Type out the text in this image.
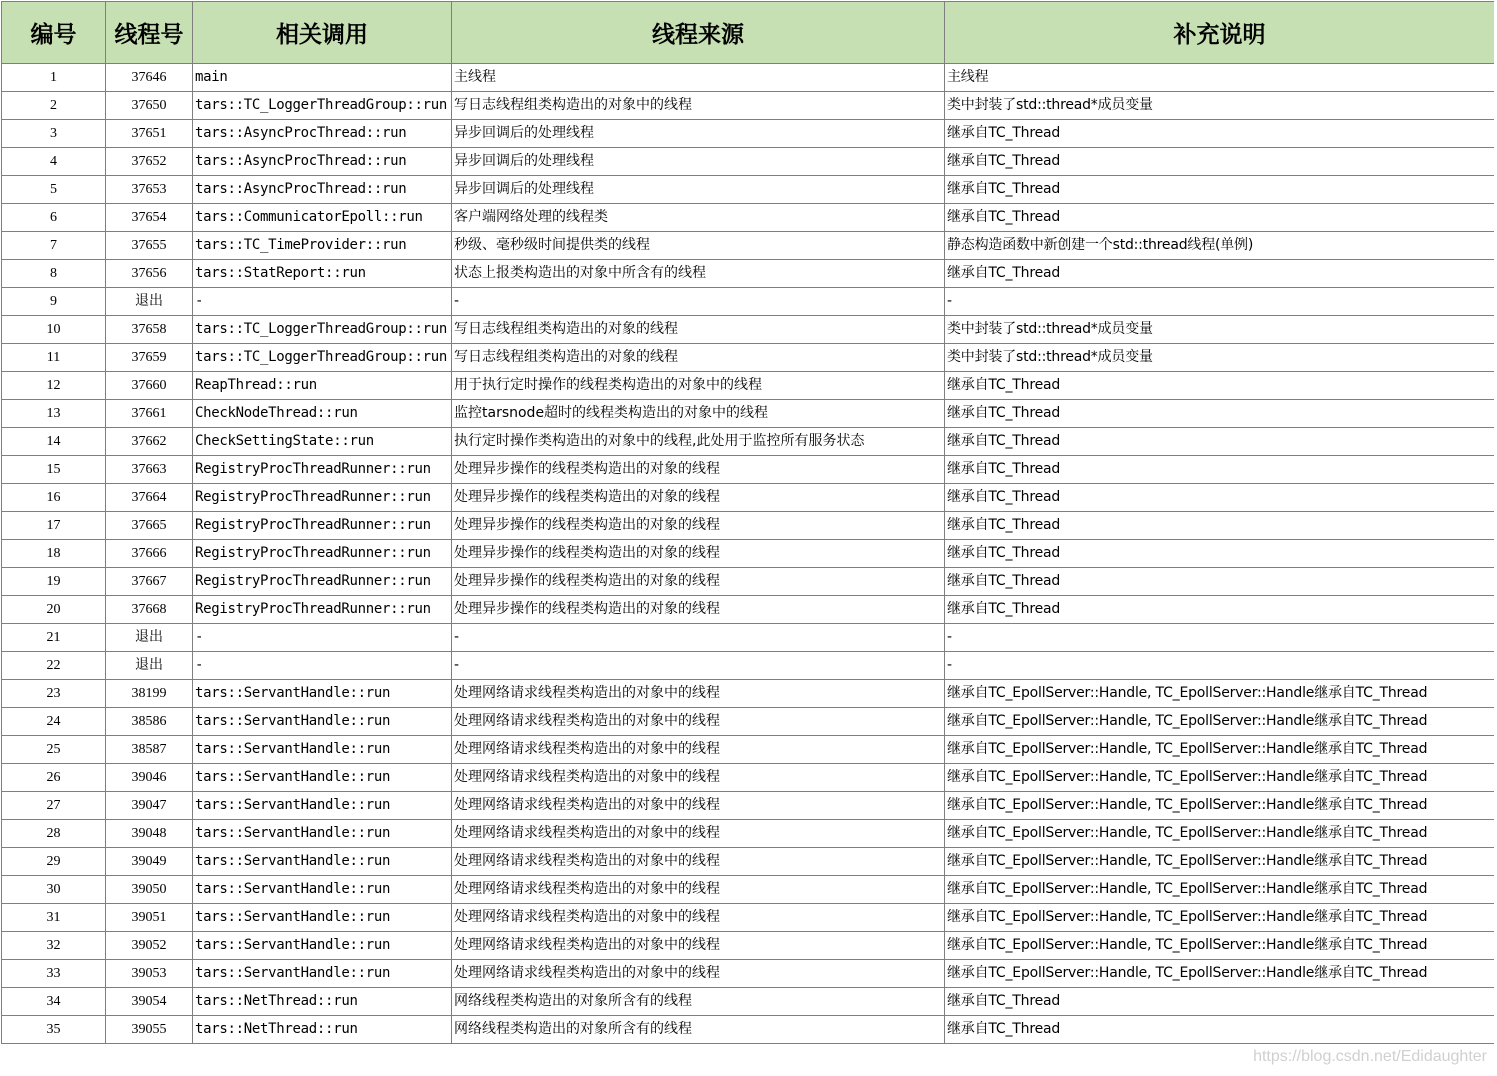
编号	线程号	相关调用	线程来源	补充说明
1	37646	main	主线程	主线程
2	37650	tars::TC_LoggerThreadGroup::run	写日志线程组类构造出的对象中的线程	类中封装了std::thread*成员变量
3	37651	tars::AsyncProcThread::run	异步回调后的处理线程	继承自TC_Thread
4	37652	tars::AsyncProcThread::run	异步回调后的处理线程	继承自TC_Thread
5	37653	tars::AsyncProcThread::run	异步回调后的处理线程	继承自TC_Thread
6	37654	tars::CommunicatorEpoll::run	客户端网络处理的线程类	继承自TC_Thread
7	37655	tars::TC_TimeProvider::run	秒级、毫秒级时间提供类的线程	静态构造函数中新创建一个std::thread线程(单例)
8	37656	tars::StatReport::run	状态上报类构造出的对象中所含有的线程	继承自TC_Thread
9	退出	-	-	-
10	37658	tars::TC_LoggerThreadGroup::run	写日志线程组类构造出的对象的线程	类中封装了std::thread*成员变量
11	37659	tars::TC_LoggerThreadGroup::run	写日志线程组类构造出的对象的线程	类中封装了std::thread*成员变量
12	37660	ReapThread::run	用于执行定时操作的线程类构造出的对象中的线程	继承自TC_Thread
13	37661	CheckNodeThread::run	监控tarsnode超时的线程类构造出的对象中的线程	继承自TC_Thread
14	37662	CheckSettingState::run	执行定时操作类构造出的对象中的线程,此处用于监控所有服务状态	继承自TC_Thread
15	37663	RegistryProcThreadRunner::run	处理异步操作的线程类构造出的对象的线程	继承自TC_Thread
16	37664	RegistryProcThreadRunner::run	处理异步操作的线程类构造出的对象的线程	继承自TC_Thread
17	37665	RegistryProcThreadRunner::run	处理异步操作的线程类构造出的对象的线程	继承自TC_Thread
18	37666	RegistryProcThreadRunner::run	处理异步操作的线程类构造出的对象的线程	继承自TC_Thread
19	37667	RegistryProcThreadRunner::run	处理异步操作的线程类构造出的对象的线程	继承自TC_Thread
20	37668	RegistryProcThreadRunner::run	处理异步操作的线程类构造出的对象的线程	继承自TC_Thread
21	退出	-	-	-
22	退出	-	-	-
23	38199	tars::ServantHandle::run	处理网络请求线程类构造出的对象中的线程	继承自TC_EpollServer::Handle, TC_EpollServer::Handle继承自TC_Thread
24	38586	tars::ServantHandle::run	处理网络请求线程类构造出的对象中的线程	继承自TC_EpollServer::Handle, TC_EpollServer::Handle继承自TC_Thread
25	38587	tars::ServantHandle::run	处理网络请求线程类构造出的对象中的线程	继承自TC_EpollServer::Handle, TC_EpollServer::Handle继承自TC_Thread
26	39046	tars::ServantHandle::run	处理网络请求线程类构造出的对象中的线程	继承自TC_EpollServer::Handle, TC_EpollServer::Handle继承自TC_Thread
27	39047	tars::ServantHandle::run	处理网络请求线程类构造出的对象中的线程	继承自TC_EpollServer::Handle, TC_EpollServer::Handle继承自TC_Thread
28	39048	tars::ServantHandle::run	处理网络请求线程类构造出的对象中的线程	继承自TC_EpollServer::Handle, TC_EpollServer::Handle继承自TC_Thread
29	39049	tars::ServantHandle::run	处理网络请求线程类构造出的对象中的线程	继承自TC_EpollServer::Handle, TC_EpollServer::Handle继承自TC_Thread
30	39050	tars::ServantHandle::run	处理网络请求线程类构造出的对象中的线程	继承自TC_EpollServer::Handle, TC_EpollServer::Handle继承自TC_Thread
31	39051	tars::ServantHandle::run	处理网络请求线程类构造出的对象中的线程	继承自TC_EpollServer::Handle, TC_EpollServer::Handle继承自TC_Thread
32	39052	tars::ServantHandle::run	处理网络请求线程类构造出的对象中的线程	继承自TC_EpollServer::Handle, TC_EpollServer::Handle继承自TC_Thread
33	39053	tars::ServantHandle::run	处理网络请求线程类构造出的对象中的线程	继承自TC_EpollServer::Handle, TC_EpollServer::Handle继承自TC_Thread
34	39054	tars::NetThread::run	网络线程类构造出的对象所含有的线程	继承自TC_Thread
35	39055	tars::NetThread::run	网络线程类构造出的对象所含有的线程	继承自TC_Thread
https://blog.csdn.net/Edidaughter
